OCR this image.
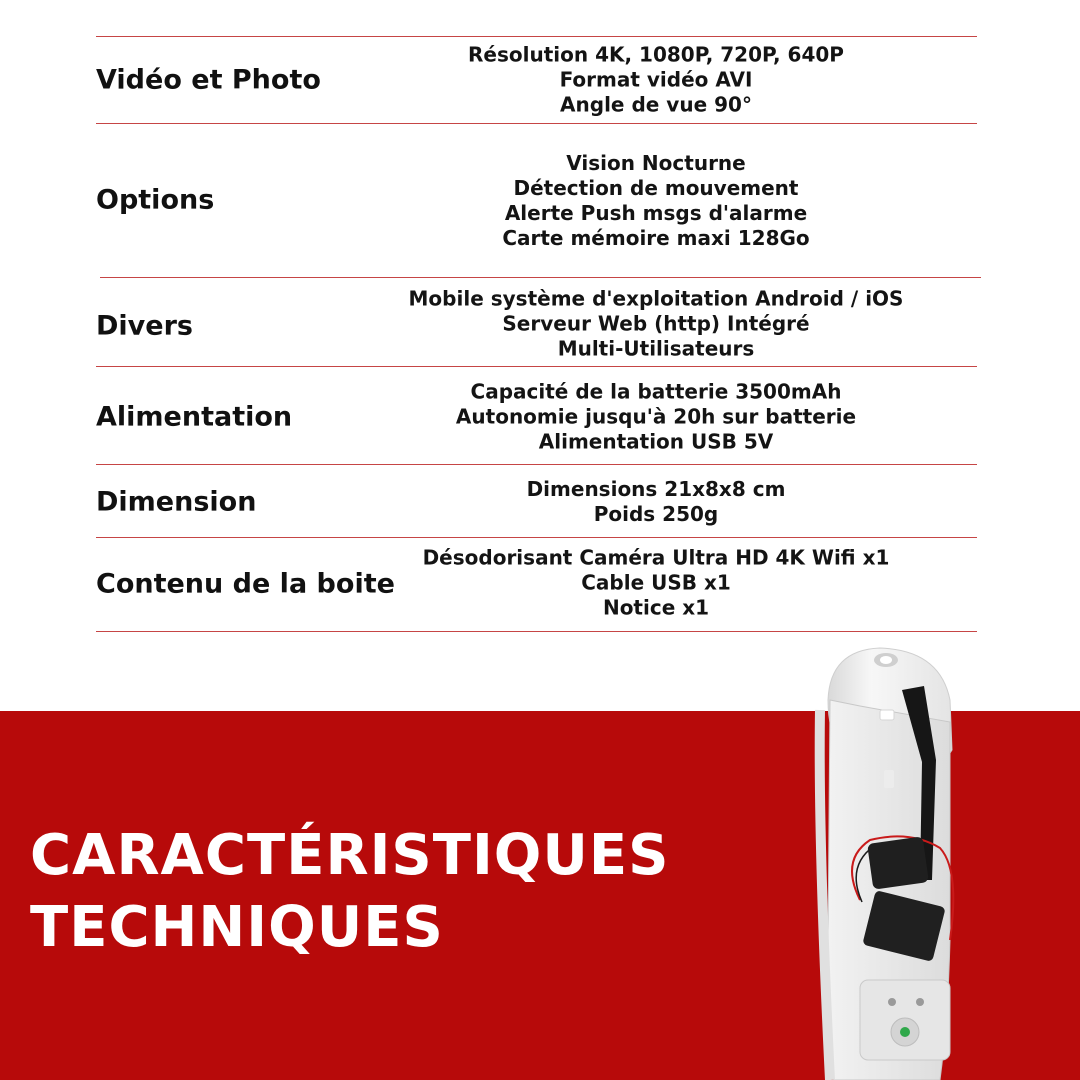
Vidéo et Photo
Résolution 4K, 1080P, 720P, 640P
Format vidéo AVI
Angle de vue 90°
Options
Vision Nocturne
Détection de mouvement
Alerte Push msgs d'alarme
Carte mémoire maxi 128Go
Divers
Mobile système d'exploitation Android / iOS
Serveur Web (http) Intégré
Multi-Utilisateurs
Alimentation
Capacité de la batterie 3500mAh
Autonomie jusqu'à 20h sur batterie
Alimentation USB 5V
Dimension	Dimensions 21x8x8 cm
Poids 250g
Contenu de la boite
Désodorisant Caméra Ultra HD 4K Wifi x1
Cable USB x1
Notice x1
CARACTÉRISTIQUES
TECHNIQUES
